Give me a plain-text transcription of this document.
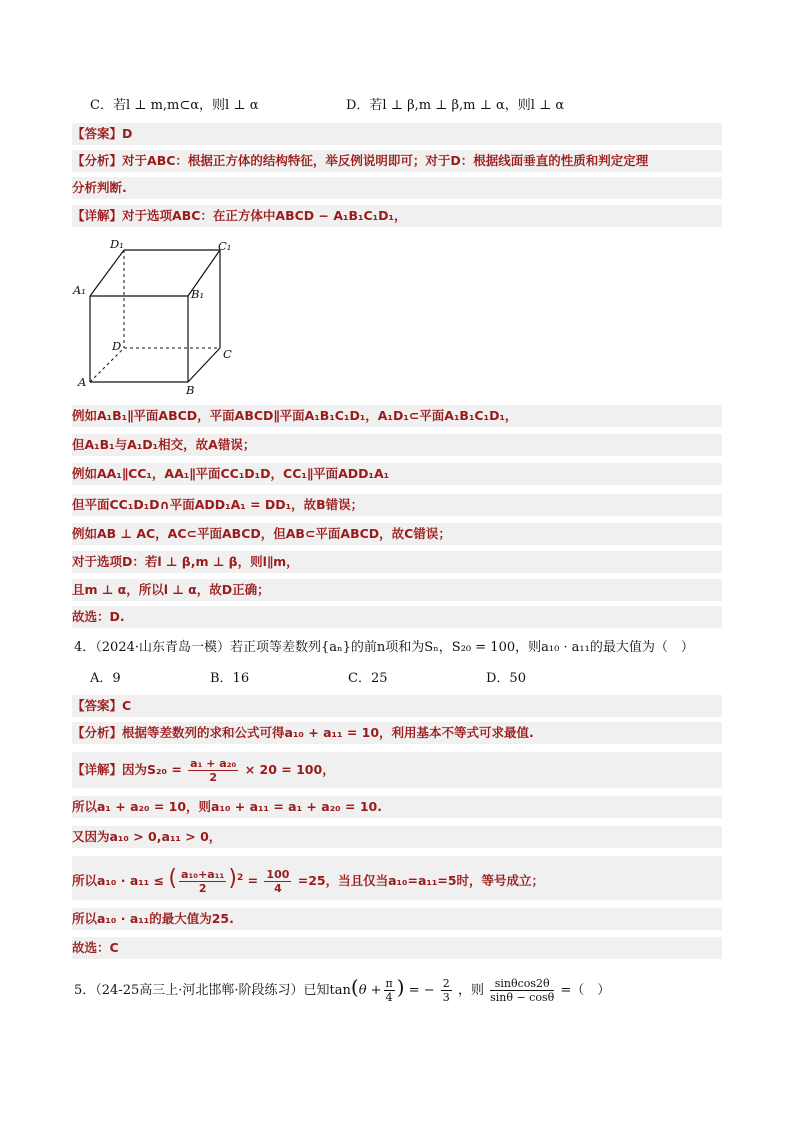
C．若l ⊥ m,m⊂α，则l ⊥ α	D．若l ⊥ β,m ⊥ β,m ⊥ α，则l ⊥ α
【答案】D
【分析】对于ABC：根据正方体的结构特征，举反例说明即可；对于D：根据线面垂直的性质和判定定理
分析判断.
【详解】对于选项ABC：在正方体中ABCD − A₁B₁C₁D₁，
D₁	C₁
A₁	B₁
D
C
A
B
例如A₁B₁∥平面ABCD，平面ABCD∥平面A₁B₁C₁D₁，A₁D₁⊂平面A₁B₁C₁D₁，
但A₁B₁与A₁D₁相交，故A错误；
例如AA₁∥CC₁，AA₁∥平面CC₁D₁D，CC₁∥平面ADD₁A₁
但平面CC₁D₁D∩平面ADD₁A₁ = DD₁，故B错误；
例如AB ⊥ AC，AC⊂平面ABCD，但AB⊂平面ABCD，故C错误；
对于选项D：若l ⊥ β,m ⊥ β，则l∥m，
且m ⊥ α，所以l ⊥ α，故D正确；
故选：D.
4．（2024·山东青岛一模）若正项等差数列{aₙ}的前n项和为Sₙ，S₂₀ = 100，则a₁₀ · a₁₁的最大值为（　）
A．9	B．16	C．25	D．50
【答案】C
【分析】根据等差数列的求和公式可得a₁₀ + a₁₁ = 10，利用基本不等式可求最值.
【详解】因为$S_{20} = \frac{\text{a₁ + a₂₀}}{2} \times 20 = 100$，
所以a₁ + a₂₀ = 10，则a₁₀ + a₁₁ = a₁ + a₂₀ = 10.
又因为a₁₀ > 0,a₁₁ > 0，
所以a₁₀ · a₁₁ ≤ ( $\frac{\text{a₁₀+a₁₁}}{2})^2 = \frac{100}{4} =25$，当且仅当a₁₀=a₁₁=5时，等号成立；
所以a₁₀ · a₁₁的最大值为25.
故选：C
5．（24-25高三上·河北邯郸·阶段练习）已知$\tan(\theta + \frac{\pi}{4}$ ) = − $\frac{2}{3}$ ，则 $\frac{\sin\theta\cos 2\theta}{\sin\theta - \cos\theta}$ =（　）
